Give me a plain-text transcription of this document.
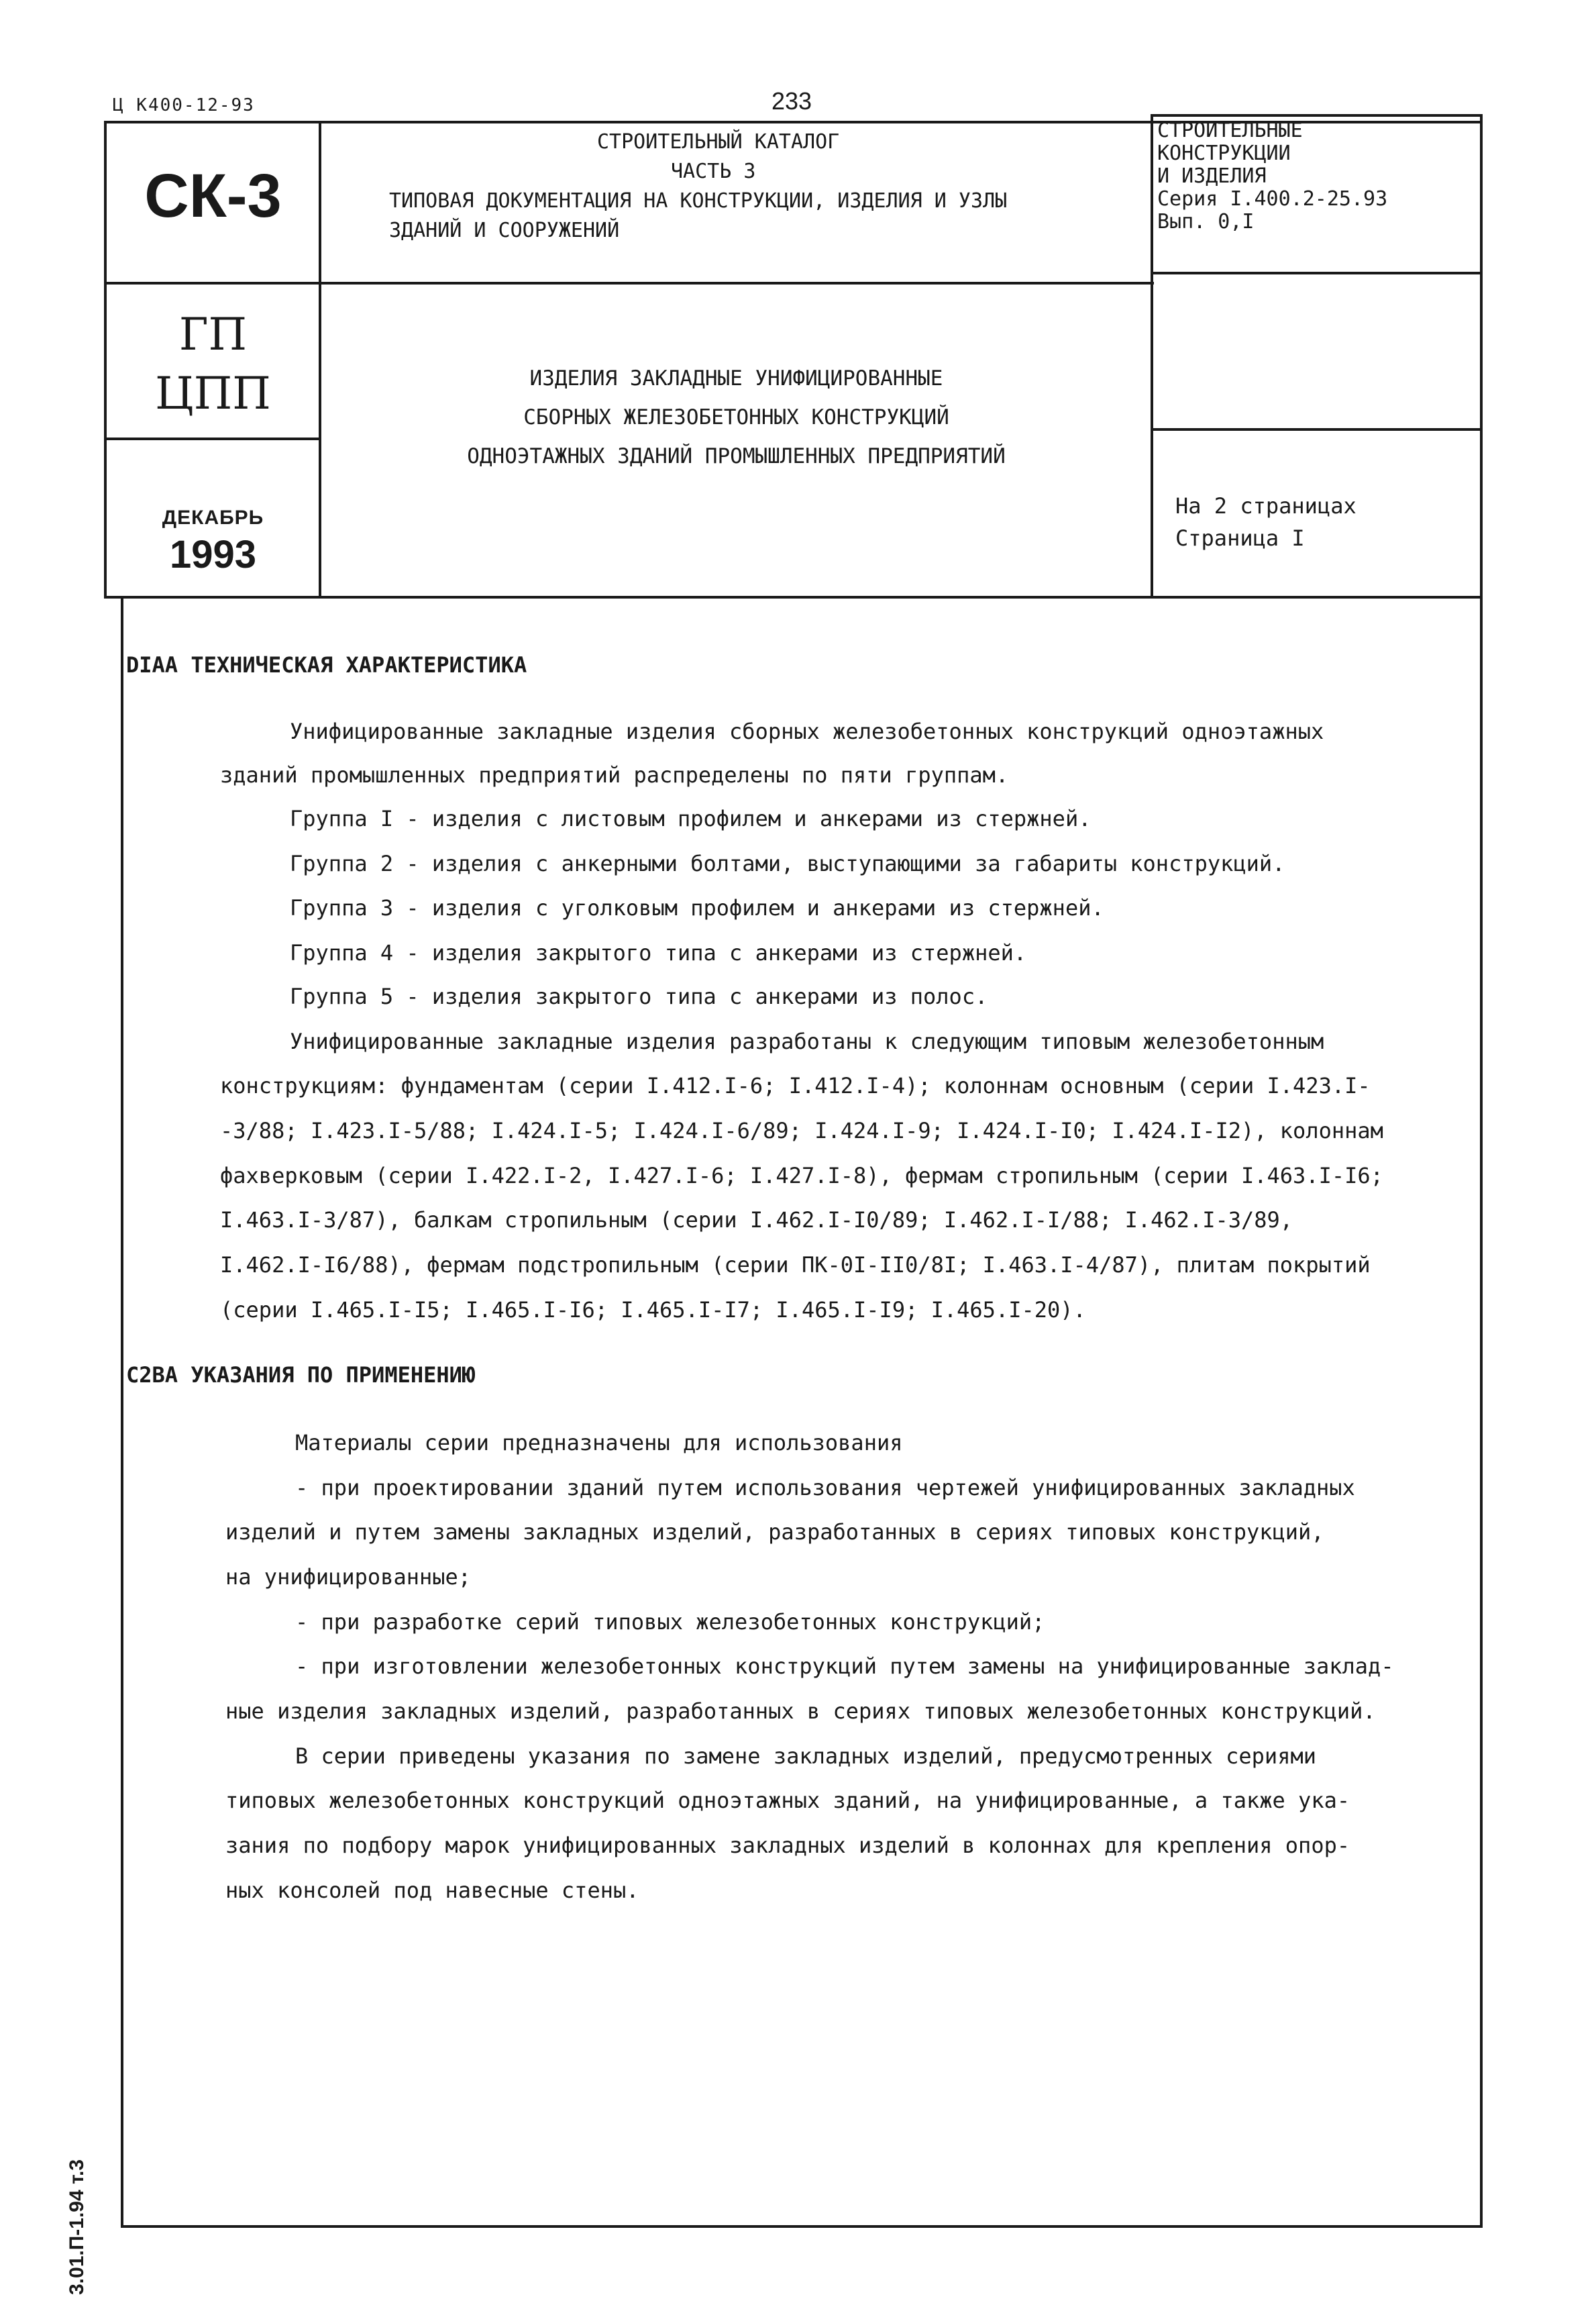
Ц К400-12-93	233
СК-3
СТРОИТЕЛЬНЫЙ КАТАЛОГ
ЧАСТЬ 3
ТИПОВАЯ ДОКУМЕНТАЦИЯ НА КОНСТРУКЦИИ, ИЗДЕЛИЯ И УЗЛЫ
ЗДАНИЙ И СООРУЖЕНИЙ
СТРОИТЕЛЬНЫЕ
КОНСТРУКЦИИ
И ИЗДЕЛИЯ
Серия I.400.2-25.93
Вып. 0,I
ГП
ЦПП
ДЕКАБРЬ
1993
ИЗДЕЛИЯ ЗАКЛАДНЫЕ УНИФИЦИРОВАННЫЕ
СБОРНЫХ ЖЕЛЕЗОБЕТОННЫХ КОНСТРУКЦИЙ
ОДНОЭТАЖНЫХ ЗДАНИЙ ПРОМЫШЛЕННЫХ ПРЕДПРИЯТИЙ
На 2 страницах
Страница I
DIAA ТЕХНИЧЕСКАЯ ХАРАКТЕРИСТИКА
Унифицированные закладные изделия сборных железобетонных конструкций одноэтажных
зданий промышленных предприятий распределены по пяти группам.
Группа I - изделия с листовым профилем и анкерами из стержней.
Группа 2 - изделия с анкерными болтами, выступающими за габариты конструкций.
Группа 3 - изделия с уголковым профилем и анкерами из стержней.
Группа 4 - изделия закрытого типа с анкерами из стержней.
Группа 5 - изделия закрытого типа с анкерами из полос.
Унифицированные закладные изделия разработаны к следующим типовым железобетонным
конструкциям: фундаментам (серии I.412.I-6; I.412.I-4); колоннам основным (серии I.423.I-
-3/88; I.423.I-5/88; I.424.I-5; I.424.I-6/89; I.424.I-9; I.424.I-I0; I.424.I-I2), колоннам
фахверковым (серии I.422.I-2, I.427.I-6; I.427.I-8), фермам стропильным (серии I.463.I-I6;
I.463.I-3/87), балкам стропильным (серии I.462.I-I0/89; I.462.I-I/88; I.462.I-3/89,
I.462.I-I6/88), фермам подстропильным (серии ПК-0I-II0/8I; I.463.I-4/87), плитам покрытий
(серии I.465.I-I5; I.465.I-I6; I.465.I-I7; I.465.I-I9; I.465.I-20).
C2BA УКАЗАНИЯ ПО ПРИМЕНЕНИЮ
Материалы серии предназначены для использования
- при проектировании зданий путем использования чертежей унифицированных закладных
изделий и путем замены закладных изделий, разработанных в сериях типовых конструкций,
на унифицированные;
- при разработке серий типовых железобетонных конструкций;
- при изготовлении железобетонных конструкций путем замены на унифицированные заклад-
ные изделия закладных изделий, разработанных в сериях типовых железобетонных конструкций.
В серии приведены указания по замене закладных изделий, предусмотренных сериями
типовых железобетонных конструкций одноэтажных зданий, на унифицированные, а также ука-
зания по подбору марок унифицированных закладных изделий в колоннах для крепления опор-
ных консолей под навесные стены.
3.01.П-1.94 т.3
